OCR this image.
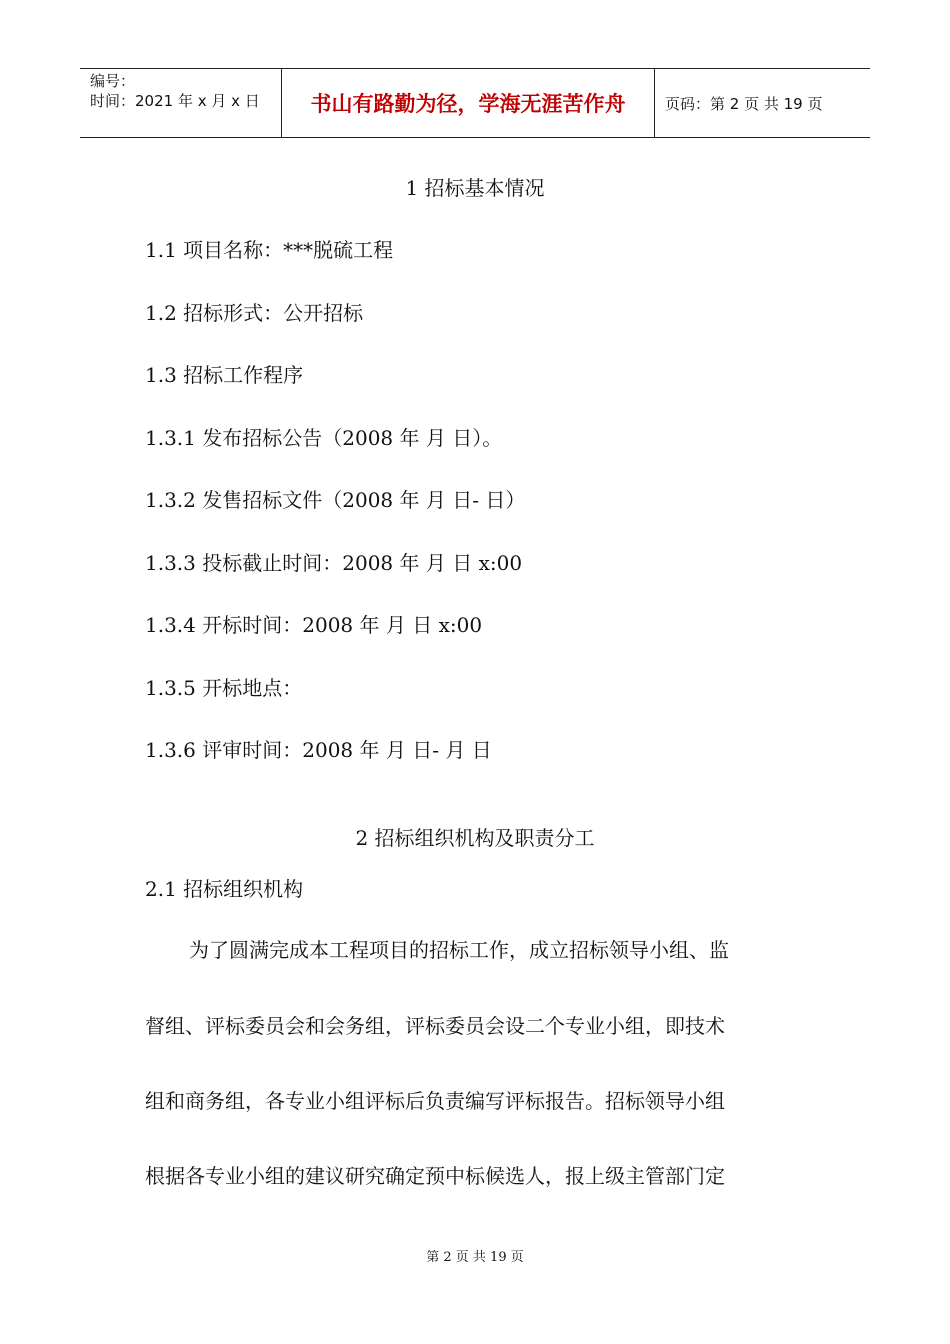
编号：
时间：2021 年 x 月 x 日	书山有路勤为径，学海无涯苦作舟	页码：第 2 页 共 19 页
1 招标基本情况
1.1 项目名称：***脱硫工程
1.2 招标形式：公开招标
1.3 招标工作程序
1.3.1 发布招标公告（2008 年 月 日）。
1.3.2 发售招标文件（2008 年 月 日- 日）
1.3.3 投标截止时间：2008 年 月 日 x:00
1.3.4 开标时间：2008 年 月 日 x:00
1.3.5 开标地点：
1.3.6 评审时间：2008 年 月 日- 月 日
2 招标组织机构及职责分工
2.1 招标组织机构
为了圆满完成本工程项目的招标工作，成立招标领导小组、监
督组、评标委员会和会务组，评标委员会设二个专业小组，即技术
组和商务组，各专业小组评标后负责编写评标报告。招标领导小组
根据各专业小组的建议研究确定预中标候选人，报上级主管部门定
第 2 页 共 19 页
